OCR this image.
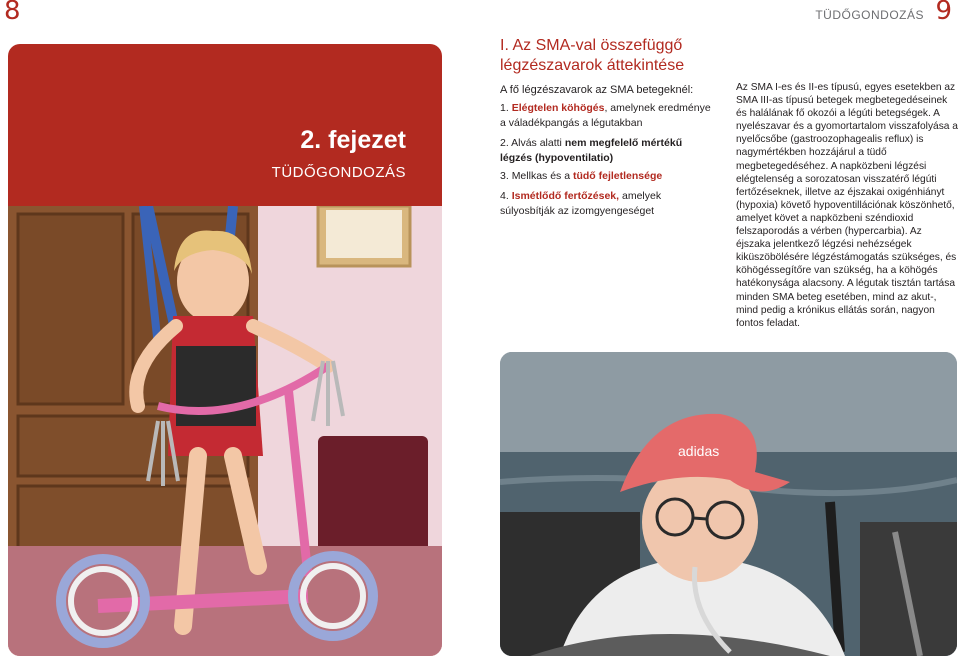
8	TÜDŐGONDOZÁS 9
2. fejezet
TÜDŐGONDOZÁS
I. Az SMA-val összefüggő légzészavarok áttekintése
A fő légzészavarok az SMA betegeknél:
1. Elégtelen köhögés, amelynek eredménye a váladékpangás a légutakban
2. Alvás alatti nem megfelelő mértékű légzés (hypoventilatio)
3. Mellkas és a tüdő fejletlensége
4. Ismétlődő fertőzések, amelyek súlyosbítják az izomgyengeséget
Az SMA I-es és II-es típusú, egyes esetekben az SMA III-as típusú betegek megbetegedéseinek és halálának fő okozói a légúti betegségek. A nyelészavar és a gyomortartalom visszafolyása a nyelőcsőbe (gastroozophagealis reflux) is nagymértékben hozzájárul a tüdő megbetegedéséhez. A napközbeni légzési elégtelenség a sorozatosan visszatérő légúti fertőzéseknek, illetve az éjszakai oxigénhiányt (hypoxia) követő hypoventillációnak köszönhető, amelyet követ a napközbeni széndioxid felszaporodás a vérben (hypercarbia). Az éjszaka jelentkező légzési nehézségek kiküszöbölésére légzéstámogatás szükséges, és köhögéssegítőre van szükség, ha a köhögés hatékonysága alacsony. A légutak tisztán tartása minden SMA beteg esetében, mind az akut-, mind pedig a krónikus ellátás során, nagyon fontos feladat.
adidas
